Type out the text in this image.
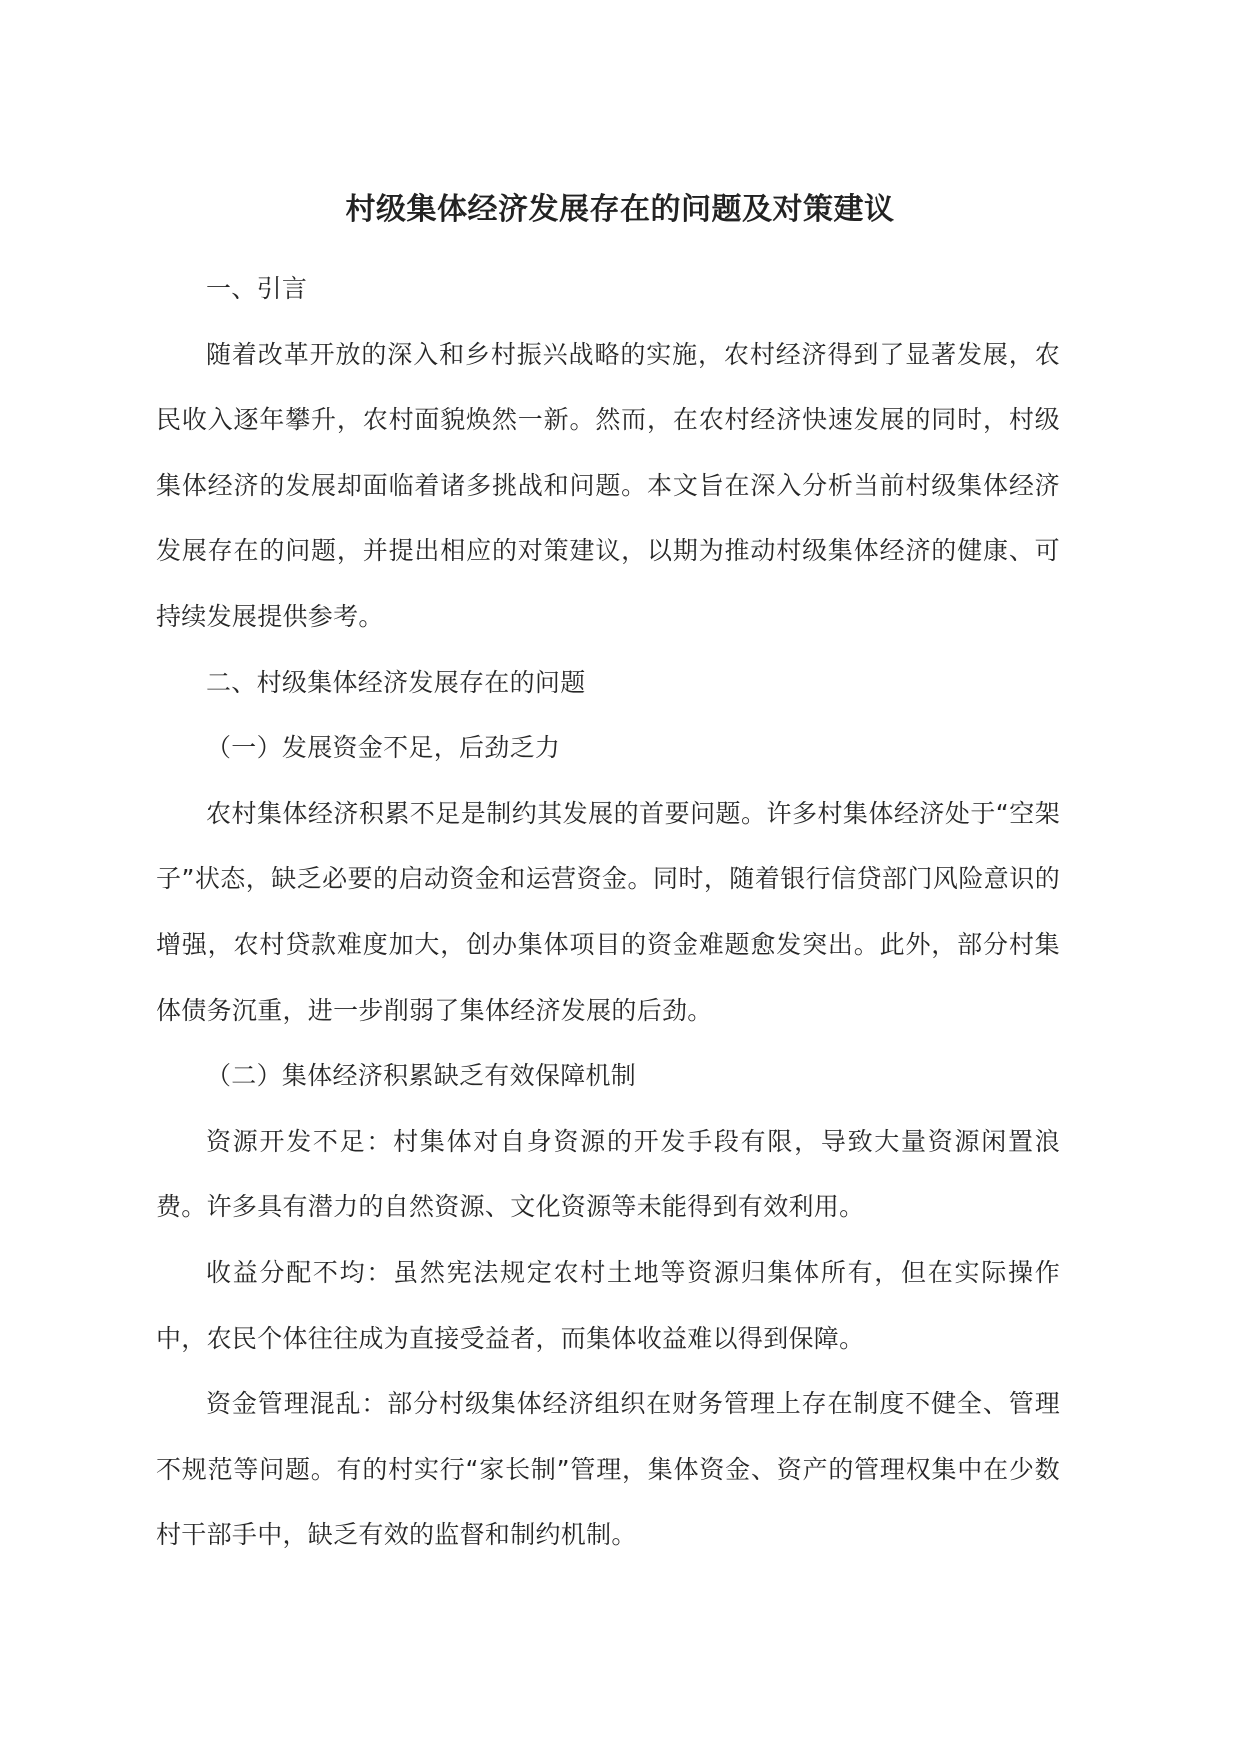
村级集体经济发展存在的问题及对策建议

一、引言

随着改革开放的深入和乡村振兴战略的实施，农村经济得到了显著发展，农民收入逐年攀升，农村面貌焕然一新。然而，在农村经济快速发展的同时，村级集体经济的发展却面临着诸多挑战和问题。本文旨在深入分析当前村级集体经济发展存在的问题，并提出相应的对策建议，以期为推动村级集体经济的健康、可持续发展提供参考。

二、村级集体经济发展存在的问题

（一）发展资金不足，后劲乏力

农村集体经济积累不足是制约其发展的首要问题。许多村集体经济处于“空架子”状态，缺乏必要的启动资金和运营资金。同时，随着银行信贷部门风险意识的增强，农村贷款难度加大，创办集体项目的资金难题愈发突出。此外，部分村集体债务沉重，进一步削弱了集体经济发展的后劲。

（二）集体经济积累缺乏有效保障机制

资源开发不足：村集体对自身资源的开发手段有限，导致大量资源闲置浪费。许多具有潜力的自然资源、文化资源等未能得到有效利用。

收益分配不均：虽然宪法规定农村土地等资源归集体所有，但在实际操作中，农民个体往往成为直接受益者，而集体收益难以得到保障。

资金管理混乱：部分村级集体经济组织在财务管理上存在制度不健全、管理不规范等问题。有的村实行“家长制”管理，集体资金、资产的管理权集中在少数村干部手中，缺乏有效的监督和制约机制。
